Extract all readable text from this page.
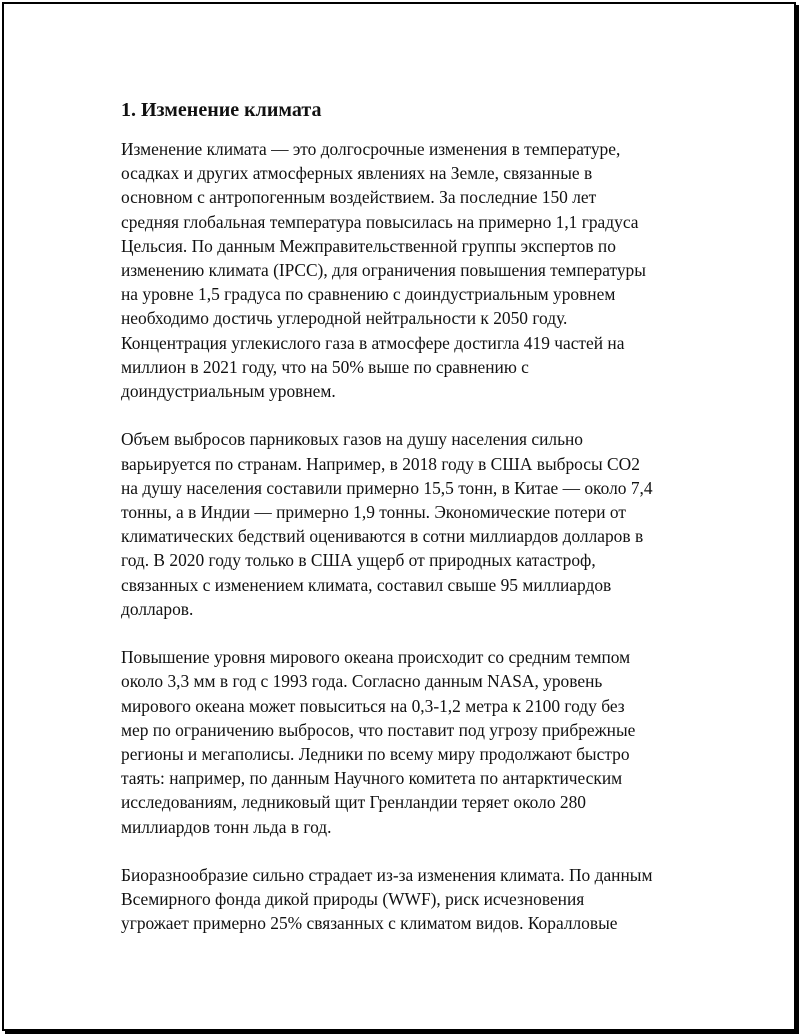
1. Изменение климата

Изменение климата — это долгосрочные изменения в температуре,
осадках и других атмосферных явлениях на Земле, связанные в
основном с антропогенным воздействием. За последние 150 лет
средняя глобальная температура повысилась на примерно 1,1 градуса
Цельсия. По данным Межправительственной группы экспертов по
изменению климата (IPCC), для ограничения повышения температуры
на уровне 1,5 градуса по сравнению с доиндустриальным уровнем
необходимо достичь углеродной нейтральности к 2050 году.
Концентрация углекислого газа в атмосфере достигла 419 частей на
миллион в 2021 году, что на 50% выше по сравнению с
доиндустриальным уровнем.

Объем выбросов парниковых газов на душу населения сильно
варьируется по странам. Например, в 2018 году в США выбросы CO2
на душу населения составили примерно 15,5 тонн, в Китае — около 7,4
тонны, а в Индии — примерно 1,9 тонны. Экономические потери от
климатических бедствий оцениваются в сотни миллиардов долларов в
год. В 2020 году только в США ущерб от природных катастроф,
связанных с изменением климата, составил свыше 95 миллиардов
долларов.

Повышение уровня мирового океана происходит со средним темпом
около 3,3 мм в год с 1993 года. Согласно данным NASA, уровень
мирового океана может повыситься на 0,3-1,2 метра к 2100 году без
мер по ограничению выбросов, что поставит под угрозу прибрежные
регионы и мегаполисы. Ледники по всему миру продолжают быстро
таять: например, по данным Научного комитета по антарктическим
исследованиям, ледниковый щит Гренландии теряет около 280
миллиардов тонн льда в год.

Биоразнообразие сильно страдает из-за изменения климата. По данным
Всемирного фонда дикой природы (WWF), риск исчезновения
угрожает примерно 25% связанных с климатом видов. Коралловые
